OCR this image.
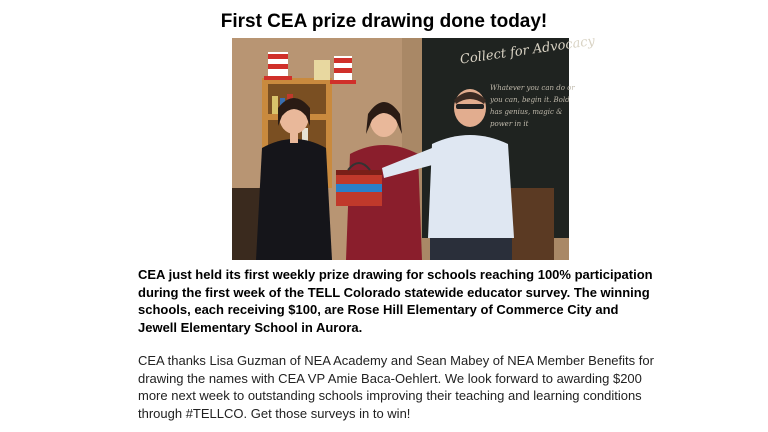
First CEA prize drawing done today!
Collect for Advocacy
Whatever you can do or
you can, begin it. Bold
has genius, magic &
power in it
CEA just held its first weekly prize drawing for schools reaching 100% participation during the first week of the TELL Colorado statewide educator survey. The winning schools, each receiving $100, are Rose Hill Elementary of Commerce City and Jewell Elementary School in Aurora.
CEA thanks Lisa Guzman of NEA Academy and Sean Mabey of NEA Member Benefits for drawing the names with CEA VP Amie Baca-Oehlert. We look forward to awarding $200 more next week to outstanding schools improving their teaching and learning conditions through #TELLCO. Get those surveys in to win!
